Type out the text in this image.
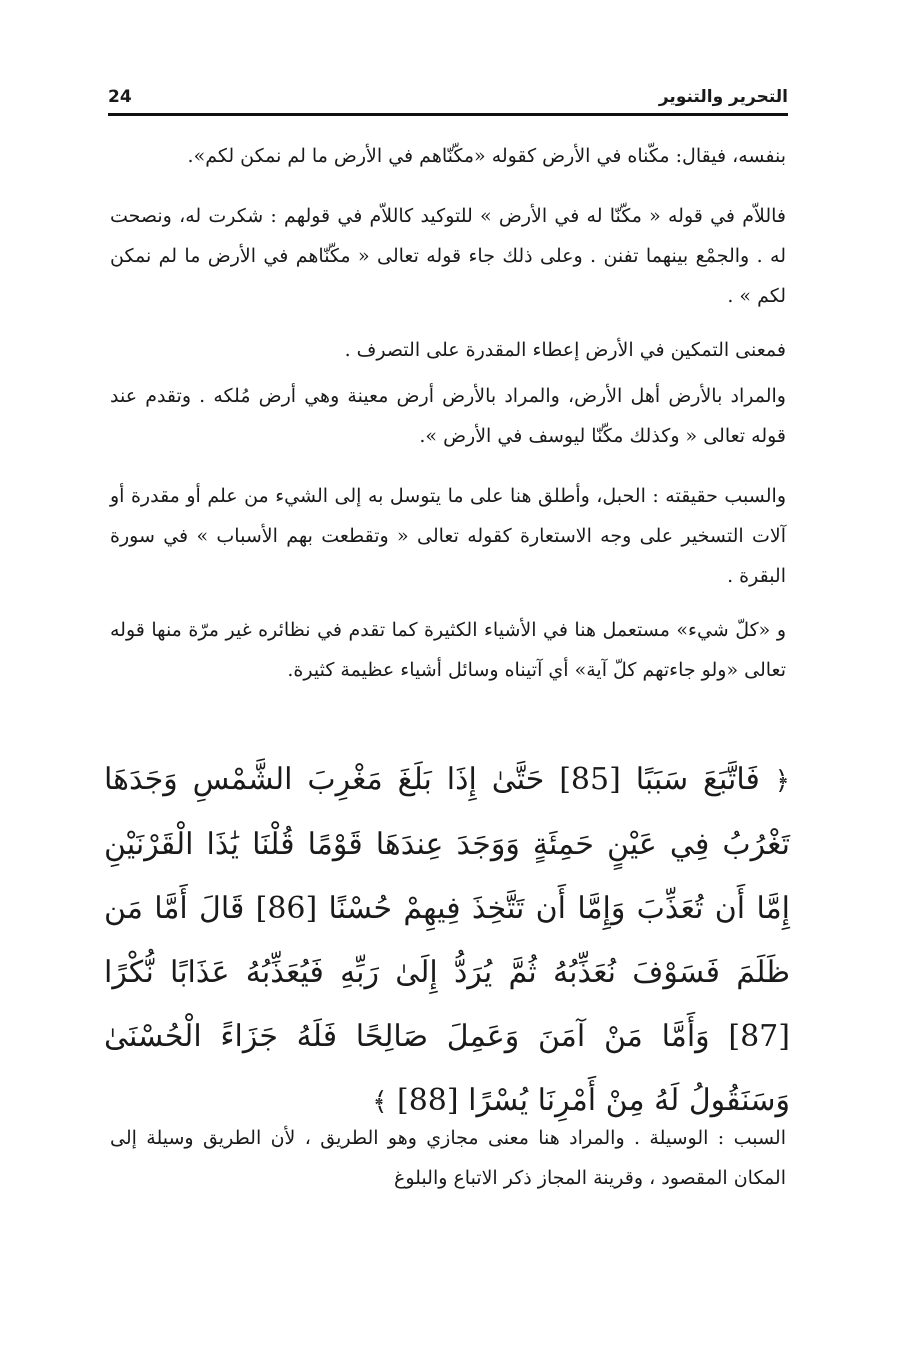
24	التحرير والتنوير

بنفسه، فيقال: مكّناه في الأرض كقوله «مكّنّاهم في الأرض ما لم نمكن لكم».

فاللاّم في قوله « مكّنّا له في الأرض » للتوكيد كاللاّم في قولهم : شكرت له، ونصحت له . والجمْع بينهما تفنن . وعلى ذلك جاء قوله تعالى « مكّنّاهم في الأرض ما لم نمكن لكم » .

فمعنى التمكين في الأرض إعطاء المقدرة على التصرف .

والمراد بالأرض أهل الأرض، والمراد بالأرض أرض معينة وهي أرض مُلكه . وتقدم عند قوله تعالى « وكذلك مكّنّا ليوسف في الأرض ».

والسبب حقيقته : الحبل، وأطلق هنا على ما يتوسل به إلى الشيء من علم أو مقدرة أو آلات التسخير على وجه الاستعارة كقوله تعالى « وتقطعت بهم الأسباب » في سورة البقرة .

و «كلّ شيء» مستعمل هنا في الأشياء الكثيرة كما تقدم في نظائره غير مرّة منها قوله تعالى «ولو جاءتهم كلّ آية» أي آتيناه وسائل أشياء عظيمة كثيرة.

﴿ فَاتَّبَعَ سَبَبًا [85] حَتَّىٰ إِذَا بَلَغَ مَغْرِبَ الشَّمْسِ وَجَدَهَا تَغْرُبُ فِي عَيْنٍ حَمِئَةٍ وَوَجَدَ عِندَهَا قَوْمًا قُلْنَا يَٰذَا الْقَرْنَيْنِ إِمَّا أَن تُعَذِّبَ وَإِمَّا أَن تَتَّخِذَ فِيهِمْ حُسْنًا [86] قَالَ أَمَّا مَن ظَلَمَ فَسَوْفَ نُعَذِّبُهُ ثُمَّ يُرَدُّ إِلَىٰ رَبِّهِ فَيُعَذِّبُهُ عَذَابًا نُّكْرًا [87] وَأَمَّا مَنْ آمَنَ وَعَمِلَ صَالِحًا فَلَهُ جَزَاءً الْحُسْنَىٰ وَسَنَقُولُ لَهُ مِنْ أَمْرِنَا يُسْرًا [88] ﴾

السبب : الوسيلة . والمراد هنا معنى مجازي وهو الطريق ، لأن الطريق وسيلة إلى المكان المقصود ، وقرينة المجاز ذكر الاتباع والبلوغ
